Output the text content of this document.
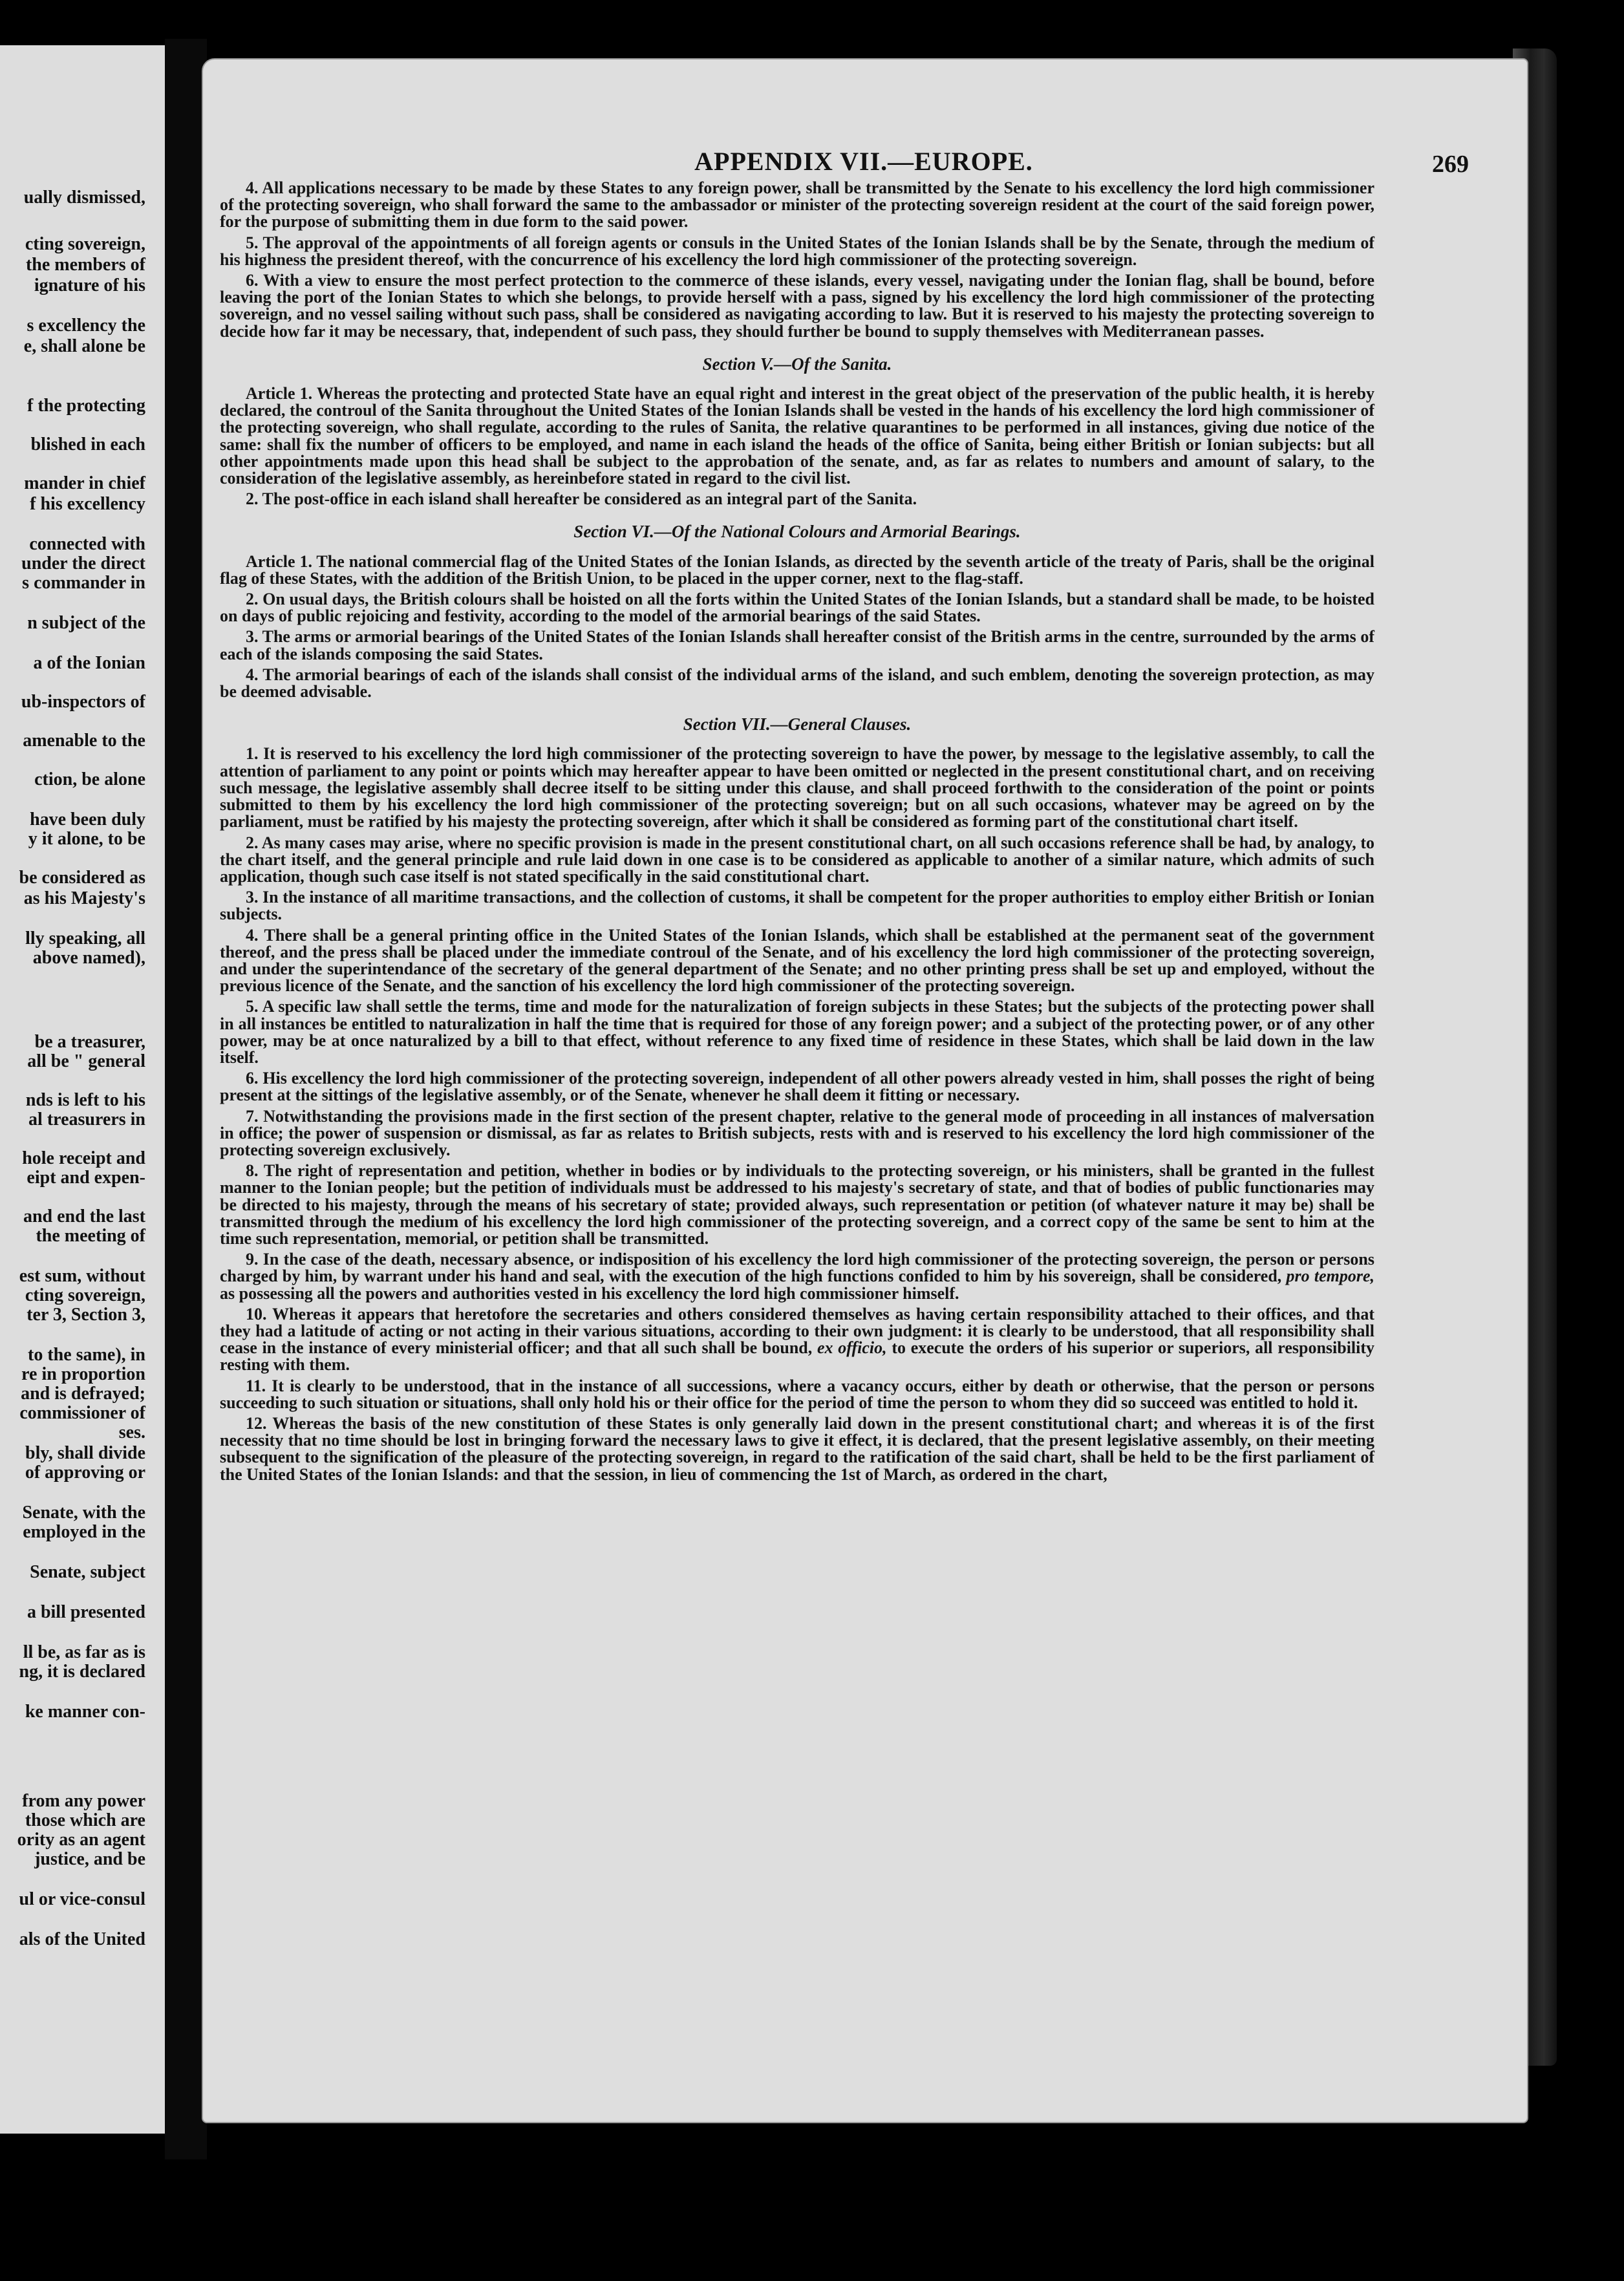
ually dismissed,
cting sovereign,
the members of
ignature of his
s excellency the
e, shall alone be
f the protecting
blished in each
mander in chief
f his excellency
connected with
under the direct
s commander in
n subject of the
a of the Ionian
ub-inspectors of
amenable to the
ction, be alone
have been duly
y it alone, to be
be considered as
as his Majesty's
lly speaking, all
above named),
be a treasurer,
all be " general
nds is left to his
al treasurers in
hole receipt and
eipt and expen-
and end the last
the meeting of
est sum, without
cting sovereign,
ter 3, Section 3,
to the same), in
re in proportion
and is defrayed;
commissioner of
ses.
bly, shall divide
of approving or
Senate, with the
employed in the
Senate, subject
a bill presented
ll be, as far as is
ng, it is declared
ke manner con-
from any power
those which are
ority as an agent
justice, and be
ul or vice-consul
als of the United
APPENDIX VII.—EUROPE.	269

4. All applications necessary to be made by these States to any foreign power, shall be transmitted by the Senate to his excellency the lord high commissioner of the protecting sovereign, who shall forward the same to the ambassador or minister of the protecting sovereign resident at the court of the said foreign power, for the purpose of submitting them in due form to the said power.

5. The approval of the appointments of all foreign agents or consuls in the United States of the Ionian Islands shall be by the Senate, through the medium of his highness the president thereof, with the concurrence of his excellency the lord high commissioner of the protecting sovereign.

6. With a view to ensure the most perfect protection to the commerce of these islands, every vessel, navigating under the Ionian flag, shall be bound, before leaving the port of the Ionian States to which she belongs, to provide herself with a pass, signed by his excellency the lord high commissioner of the protecting sovereign, and no vessel sailing without such pass, shall be considered as navigating according to law. But it is reserved to his majesty the protecting sovereign to decide how far it may be necessary, that, independent of such pass, they should further be bound to supply themselves with Mediterranean passes.

Section V.—Of the Sanita.

Article 1. Whereas the protecting and protected State have an equal right and interest in the great object of the preservation of the public health, it is hereby declared, the controul of the Sanita throughout the United States of the Ionian Islands shall be vested in the hands of his excellency the lord high commissioner of the protecting sovereign, who shall regulate, according to the rules of Sanita, the relative quarantines to be performed in all instances, giving due notice of the same: shall fix the number of officers to be employed, and name in each island the heads of the office of Sanita, being either British or Ionian subjects: but all other appointments made upon this head shall be subject to the approbation of the senate, and, as far as relates to numbers and amount of salary, to the consideration of the legislative assembly, as hereinbefore stated in regard to the civil list.

2. The post-office in each island shall hereafter be considered as an integral part of the Sanita.

Section VI.—Of the National Colours and Armorial Bearings.

Article 1. The national commercial flag of the United States of the Ionian Islands, as directed by the seventh article of the treaty of Paris, shall be the original flag of these States, with the addition of the British Union, to be placed in the upper corner, next to the flag-staff.

2. On usual days, the British colours shall be hoisted on all the forts within the United States of the Ionian Islands, but a standard shall be made, to be hoisted on days of public rejoicing and festivity, according to the model of the armorial bearings of the said States.

3. The arms or armorial bearings of the United States of the Ionian Islands shall hereafter consist of the British arms in the centre, surrounded by the arms of each of the islands composing the said States.

4. The armorial bearings of each of the islands shall consist of the individual arms of the island, and such emblem, denoting the sovereign protection, as may be deemed advisable.

Section VII.—General Clauses.

1. It is reserved to his excellency the lord high commissioner of the protecting sovereign to have the power, by message to the legislative assembly, to call the attention of parliament to any point or points which may hereafter appear to have been omitted or neglected in the present constitutional chart, and on receiving such message, the legislative assembly shall decree itself to be sitting under this clause, and shall proceed forthwith to the consideration of the point or points submitted to them by his excellency the lord high commissioner of the protecting sovereign; but on all such occasions, whatever may be agreed on by the parliament, must be ratified by his majesty the protecting sovereign, after which it shall be considered as forming part of the constitutional chart itself.

2. As many cases may arise, where no specific provision is made in the present constitutional chart, on all such occasions reference shall be had, by analogy, to the chart itself, and the general principle and rule laid down in one case is to be considered as applicable to another of a similar nature, which admits of such application, though such case itself is not stated specifically in the said constitutional chart.

3. In the instance of all maritime transactions, and the collection of customs, it shall be competent for the proper authorities to employ either British or Ionian subjects.

4. There shall be a general printing office in the United States of the Ionian Islands, which shall be established at the permanent seat of the government thereof, and the press shall be placed under the immediate controul of the Senate, and of his excellency the lord high commissioner of the protecting sovereign, and under the superintendance of the secretary of the general department of the Senate; and no other printing press shall be set up and employed, without the previous licence of the Senate, and the sanction of his excellency the lord high commissioner of the protecting sovereign.

5. A specific law shall settle the terms, time and mode for the naturalization of foreign subjects in these States; but the subjects of the protecting power shall in all instances be entitled to naturalization in half the time that is required for those of any foreign power; and a subject of the protecting power, or of any other power, may be at once naturalized by a bill to that effect, without reference to any fixed time of residence in these States, which shall be laid down in the law itself.

6. His excellency the lord high commissioner of the protecting sovereign, independent of all other powers already vested in him, shall posses the right of being present at the sittings of the legislative assembly, or of the Senate, whenever he shall deem it fitting or necessary.

7. Notwithstanding the provisions made in the first section of the present chapter, relative to the general mode of proceeding in all instances of malversation in office; the power of suspension or dismissal, as far as relates to British subjects, rests with and is reserved to his excellency the lord high commissioner of the protecting sovereign exclusively.

8. The right of representation and petition, whether in bodies or by individuals to the protecting sovereign, or his ministers, shall be granted in the fullest manner to the Ionian people; but the petition of individuals must be addressed to his majesty's secretary of state, and that of bodies of public functionaries may be directed to his majesty, through the means of his secretary of state; provided always, such representation or petition (of whatever nature it may be) shall be transmitted through the medium of his excellency the lord high commissioner of the protecting sovereign, and a correct copy of the same be sent to him at the time such representation, memorial, or petition shall be transmitted.

9. In the case of the death, necessary absence, or indisposition of his excellency the lord high commissioner of the protecting sovereign, the person or persons charged by him, by warrant under his hand and seal, with the execution of the high functions confided to him by his sovereign, shall be considered, pro tempore, as possessing all the powers and authorities vested in his excellency the lord high commissioner himself.

10. Whereas it appears that heretofore the secretaries and others considered themselves as having certain responsibility attached to their offices, and that they had a latitude of acting or not acting in their various situations, according to their own judgment: it is clearly to be understood, that all responsibility shall cease in the instance of every ministerial officer; and that all such shall be bound, ex officio, to execute the orders of his superior or superiors, all responsibility resting with them.

11. It is clearly to be understood, that in the instance of all successions, where a vacancy occurs, either by death or otherwise, that the person or persons succeeding to such situation or situations, shall only hold his or their office for the period of time the person to whom they did so succeed was entitled to hold it.

12. Whereas the basis of the new constitution of these States is only generally laid down in the present constitutional chart; and whereas it is of the first necessity that no time should be lost in bringing forward the necessary laws to give it effect, it is declared, that the present legislative assembly, on their meeting subsequent to the signification of the pleasure of the protecting sovereign, in regard to the ratification of the said chart, shall be held to be the first parliament of the United States of the Ionian Islands: and that the session, in lieu of commencing the 1st of March, as ordered in the chart,
